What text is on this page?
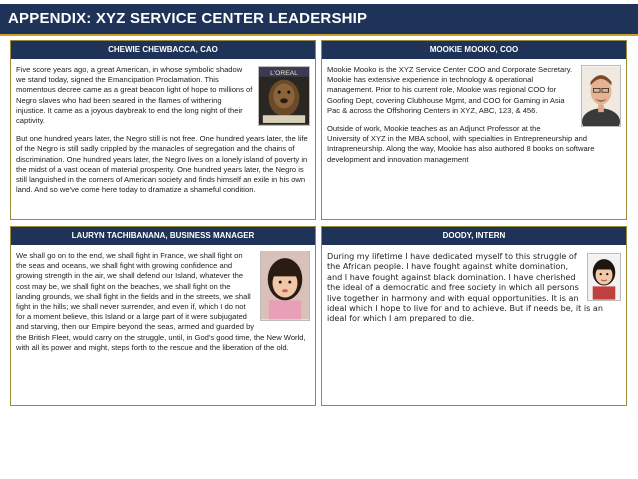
APPENDIX: XYZ SERVICE CENTER LEADERSHIP
CHEWIE CHEWBACCA, CAO
L'OREAL

Five score years ago, a great American, in whose symbolic shadow we stand today, signed the Emancipation Proclamation. This momentous decree came as a great beacon light of hope to millions of Negro slaves who had been seared in the flames of withering injustice. It came as a joyous daybreak to end the long night of their captivity.

But one hundred years later, the Negro still is not free. One hundred years later, the life of the Negro is still sadly crippled by the manacles of segregation and the chains of discrimination. One hundred years later, the Negro lives on a lonely island of poverty in the midst of a vast ocean of material prosperity. One hundred years later, the Negro is still languished in the corners of American society and finds himself an exile in his own land. And so we've come here today to dramatize a shameful condition.

MOOKIE MOOKO, COO

Mookie Mooko is the XYZ Service Center COO and Corporate Secretary. Mookie has extensive experience in technology & operational management. Prior to his current role, Mookie was regional COO for Goofing Dept, covering Clubhouse Mgmt, and COO for Gaming in Asia Pac & across the Offshoring Centers in XYZ, ABC, 123, & 456.

Outside of work, Mookie teaches as an Adjunct Professor at the University of XYZ in the MBA school, with specialties in Entrepreneurship and Intrapreneurship. Along the way, Mookie has also authored 8 books on software development and innovation management

LAURYN TACHIBANANA, BUSINESS MANAGER

We shall go on to the end, we shall fight in France, we shall fight on the seas and oceans, we shall fight with growing confidence and growing strength in the air, we shall defend our Island, whatever the cost may be, we shall fight on the beaches, we shall fight on the landing grounds, we shall fight in the fields and in the streets, we shall fight in the hills; we shall never surrender, and even if, which I do not for a moment believe, this Island or a large part of it were subjugated and starving, then our Empire beyond the seas, armed and guarded by the British Fleet, would carry on the struggle, until, in God's good time, the New World, with all its power and might, steps forth to the rescue and the liberation of the old.

DOODY, INTERN

During my lifetime I have dedicated myself to this struggle of the African people. I have fought against white domination, and I have fought against black domination. I have cherished the ideal of a democratic and free society in which all persons live together in harmony and with equal opportunities. It is an ideal which I hope to live for and to achieve. But if needs be, it is an ideal for which I am prepared to die.
